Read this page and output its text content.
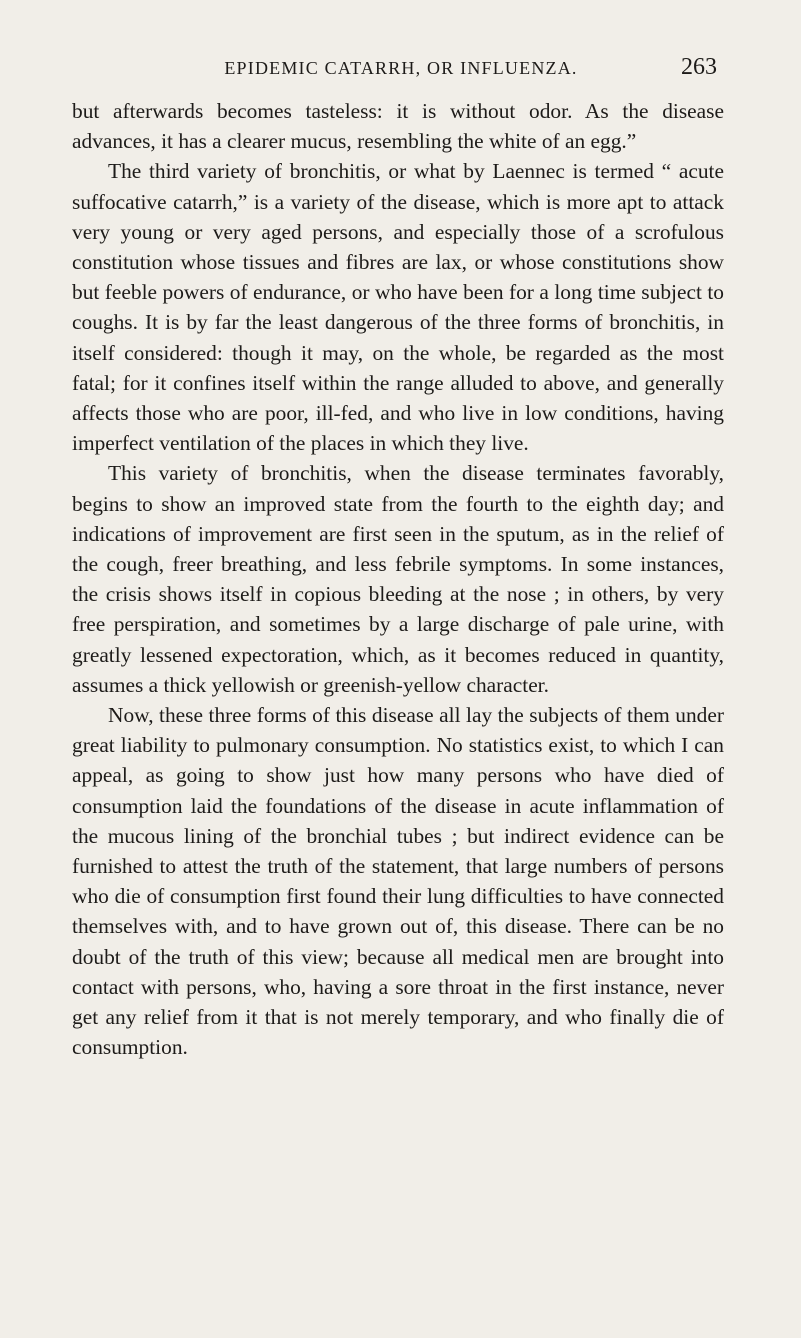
EPIDEMIC CATARRH, OR INFLUENZA.	263

but afterwards becomes tasteless: it is without odor. As the disease advances, it has a clearer mucus, resembling the white of an egg.”

The third variety of bronchitis, or what by Laennec is termed “ acute suffocative catarrh,” is a variety of the disease, which is more apt to attack very young or very aged persons, and especially those of a scrofulous constitution whose tissues and fibres are lax, or whose constitutions show but feeble powers of endurance, or who have been for a long time subject to coughs. It is by far the least dangerous of the three forms of bronchitis, in itself considered: though it may, on the whole, be regarded as the most fatal; for it confines itself within the range alluded to above, and generally affects those who are poor, ill-fed, and who live in low conditions, having imperfect ventilation of the places in which they live.

This variety of bronchitis, when the disease terminates favorably, begins to show an improved state from the fourth to the eighth day; and indications of improvement are first seen in the sputum, as in the relief of the cough, freer breathing, and less febrile symptoms. In some instances, the crisis shows itself in copious bleeding at the nose ; in others, by very free perspiration, and sometimes by a large discharge of pale urine, with greatly lessened expectoration, which, as it becomes reduced in quantity, assumes a thick yellowish or greenish-yellow character.

Now, these three forms of this disease all lay the subjects of them under great liability to pulmonary consumption. No statistics exist, to which I can appeal, as going to show just how many persons who have died of consumption laid the foundations of the disease in acute inflammation of the mucous lining of the bronchial tubes ; but indirect evidence can be furnished to attest the truth of the statement, that large numbers of persons who die of consumption first found their lung difficulties to have connected themselves with, and to have grown out of, this disease. There can be no doubt of the truth of this view; because all medical men are brought into contact with persons, who, having a sore throat in the first instance, never get any relief from it that is not merely temporary, and who finally die of consumption.
